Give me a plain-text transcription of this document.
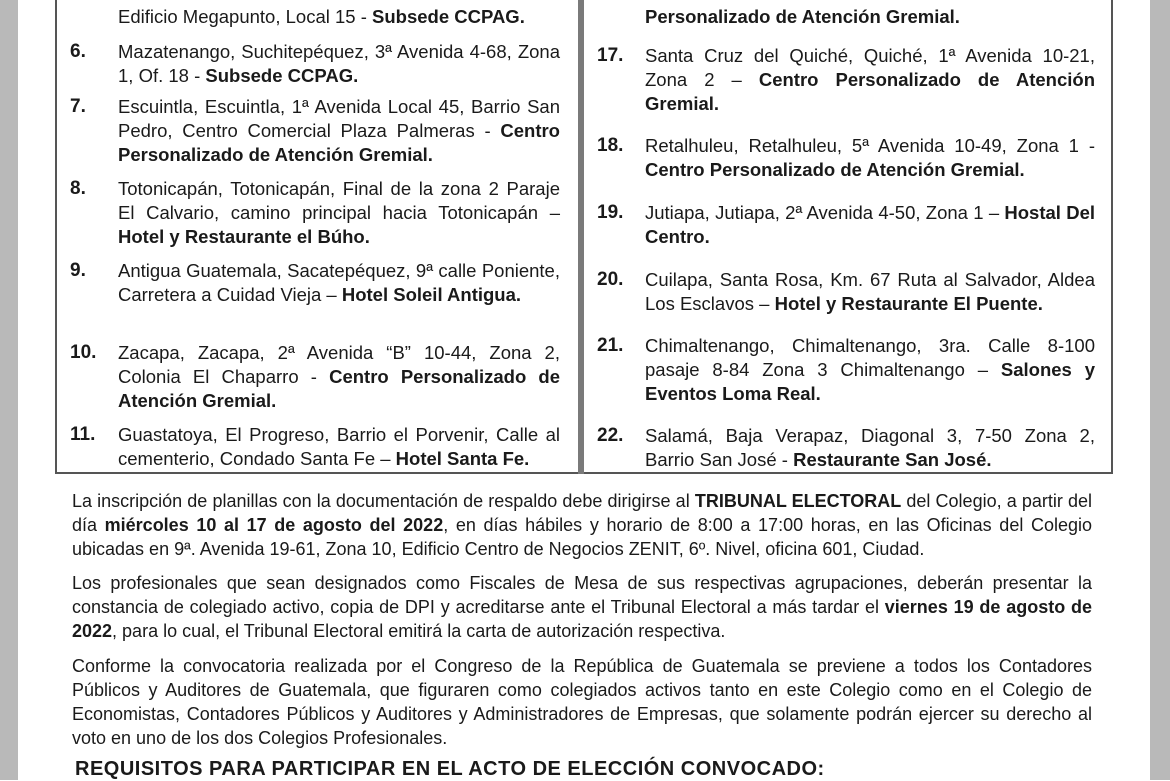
Edificio Megapunto, Local 15 - Subsede CCPAG.	Personalizado de Atención Gremial.
6. Mazatenango, Suchitepéquez, 3ª Avenida 4-68, Zona 1, Of. 18 - Subsede CCPAG.
7. Escuintla, Escuintla, 1ª Avenida Local 45, Barrio San Pedro, Centro Comercial Plaza Palmeras - Centro Personalizado de Atención Gremial.
8. Totonicapán, Totonicapán, Final de la zona 2 Paraje El Calvario, camino principal hacia Totonicapán – Hotel y Restaurante el Búho.
9. Antigua Guatemala, Sacatepéquez, 9ª calle Poniente, Carretera a Cuidad Vieja – Hotel Soleil Antigua.
10. Zacapa, Zacapa, 2ª Avenida “B” 10-44, Zona 2, Colonia El Chaparro - Centro Personalizado de Atención Gremial.
11. Guastatoya, El Progreso, Barrio el Porvenir, Calle al cementerio, Condado Santa Fe – Hotel Santa Fe.
17. Santa Cruz del Quiché, Quiché, 1ª Avenida 10-21, Zona 2 – Centro Personalizado de Atención Gremial.
18. Retalhuleu, Retalhuleu, 5ª Avenida 10-49, Zona 1 - Centro Personalizado de Atención Gremial.
19. Jutiapa, Jutiapa, 2ª Avenida 4-50, Zona 1 – Hostal Del Centro.
20. Cuilapa, Santa Rosa, Km. 67 Ruta al Salvador, Aldea Los Esclavos – Hotel y Restaurante El Puente.
21. Chimaltenango, Chimaltenango, 3ra. Calle 8-100 pasaje 8-84 Zona 3 Chimaltenango – Salones y Eventos Loma Real.
22. Salamá, Baja Verapaz, Diagonal 3, 7-50 Zona 2, Barrio San José - Restaurante San José.
La inscripción de planillas con la documentación de respaldo debe dirigirse al TRIBUNAL ELECTORAL del Colegio, a partir del día miércoles 10 al 17 de agosto del 2022, en días hábiles y horario de 8:00 a 17:00 horas, en las Oficinas del Colegio ubicadas en 9ª. Avenida 19-61, Zona 10, Edificio Centro de Negocios ZENIT, 6º. Nivel, oficina 601, Ciudad.
Los profesionales que sean designados como Fiscales de Mesa de sus respectivas agrupaciones, deberán presentar la constancia de colegiado activo, copia de DPI y acreditarse ante el Tribunal Electoral a más tardar el viernes 19 de agosto de 2022, para lo cual, el Tribunal Electoral emitirá la carta de autorización respectiva.
Conforme la convocatoria realizada por el Congreso de la República de Guatemala se previene a todos los Contadores Públicos y Auditores de Guatemala, que figuraren como colegiados activos tanto en este Colegio como en el Colegio de Economistas, Contadores Públicos y Auditores y Administradores de Empresas, que solamente podrán ejercer su derecho al voto en uno de los dos Colegios Profesionales.
REQUISITOS PARA PARTICIPAR EN EL ACTO DE ELECCIÓN CONVOCADO:
